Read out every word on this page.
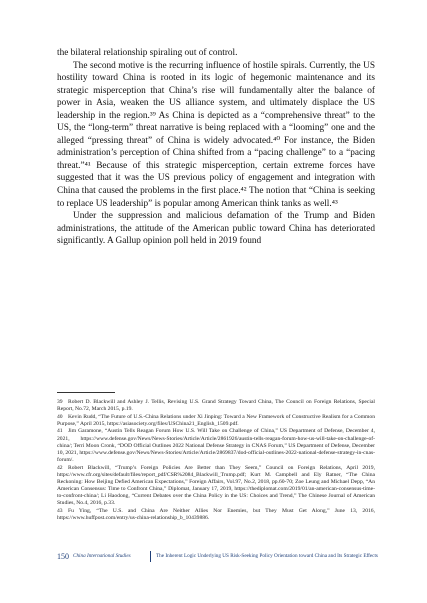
the bilateral relationship spiraling out of control.

The second motive is the recurring influence of hostile spirals. Currently, the US hostility toward China is rooted in its logic of hegemonic maintenance and its strategic misperception that China’s rise will fundamentally alter the balance of power in Asia, weaken the US alliance system, and ultimately displace the US leadership in the region.³⁹ As China is depicted as a “comprehensive threat” to the US, the “long-term” threat narrative is being replaced with a “looming” one and the alleged “pressing threat” of China is widely advocated.⁴⁰ For instance, the Biden administration’s perception of China shifted from a “pacing challenge” to a “pacing threat.”⁴¹ Because of this strategic misperception, certain extreme forces have suggested that it was the US previous policy of engagement and integration with China that caused the problems in the first place.⁴² The notion that “China is seeking to replace US leadership” is popular among American think tanks as well.⁴³

Under the suppression and malicious defamation of the Trump and Biden administrations, the attitude of the American public toward China has deteriorated significantly. A Gallup opinion poll held in 2019 found

39 Robert D. Blackwill and Ashley J. Tellis, Revising U.S. Grand Strategy Toward China, The Council on Foreign Relations, Special Report, No.72, March 2015, p.19.

40 Kevin Rudd, “The Future of U.S.-China Relations under Xi Jinping: Toward a New Framework of Constructive Realism for a Common Purpose,” April 2015, https://asiasociety.org/files/USChina21_English_1509.pdf.

41 Jim Garamone, “Austin Tells Reagan Forum How U.S. Will Take on Challenge of China,” US Department of Defense, December 4, 2021, https://www.defense.gov/News/News-Stories/Article/Article/2861926/austin-tells-reagan-forum-how-us-will-take-on-challenge-of-china/; Terri Moon Cronk, “DOD Official Outlines 2022 National Defense Strategy in CNAS Forum,” US Department of Defense, December 10, 2021, https://www.defense.gov/News/News-Stories/Article/Article/2869837/dod-official-outlines-2022-national-defense-strategy-in-cnas-forum/.

42 Robert Blackwill, “Trump’s Foreign Policies Are Better than They Seem,” Council on Foreign Relations, April 2019, https://www.cfr.org/sites/default/files/report_pdf/CSR%2084_Blackwill_Trump.pdf; Kurt M. Campbell and Ely Ratner, “The China Reckoning: How Beijing Defied American Expectations,” Foreign Affairs, Vol.97, No.2, 2018, pp.60-70; Zoe Leung and Michael Depp, “An American Consensus: Time to Confront China,” Diplomat, January 17, 2019, https://thediplomat.com/2019/01/an-american-consensus-time-to-confront-china/; Li Haodong, “Current Debates over the China Policy in the US: Choices and Trend,” The Chinese Journal of American Studies, No.4, 2016, p.33.

43 Fu Ying, “The U.S. and China Are Neither Allies Nor Enemies, but They Must Get Along,” June 13, 2016, https://www.huffpost.com/entry/us-china-relationship_b_10439886.

150 China International Studies	The Inherent Logic Underlying US Risk-Seeking Policy Orientation toward China and Its Strategic Effects
